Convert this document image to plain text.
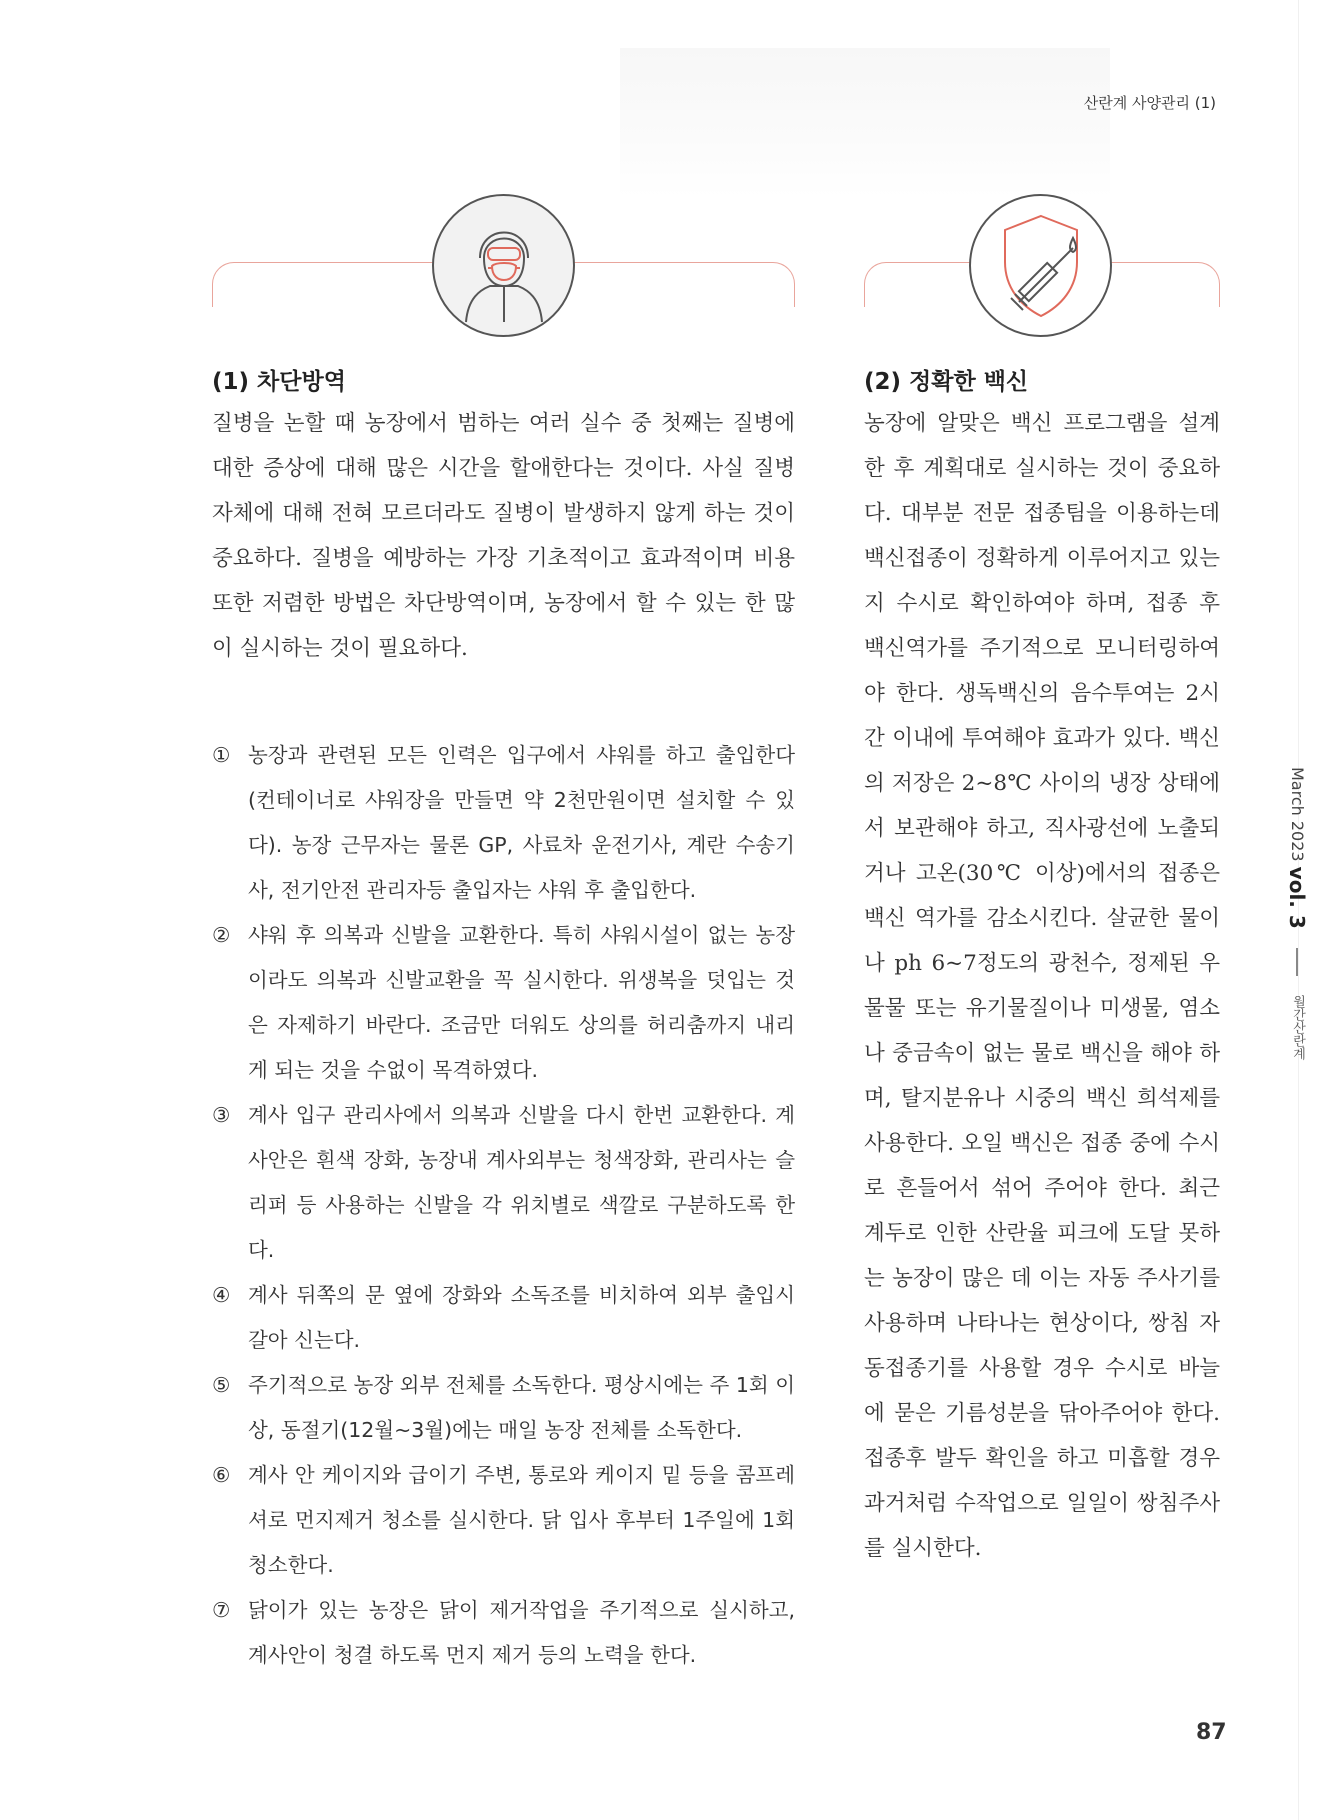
산란계 사양관리 (1)
(1) 차단방역

질병을 논할 때 농장에서 범하는 여러 실수 중 첫째는 질병에 대한 증상에 대해 많은 시간을 할애한다는 것이다. 사실 질병 자체에 대해 전혀 모르더라도 질병이 발생하지 않게 하는 것이 중요하다. 질병을 예방하는 가장 기초적이고 효과적이며 비용 또한 저렴한 방법은 차단방역이며, 농장에서 할 수 있는 한 많이 실시하는 것이 필요하다.

① 농장과 관련된 모든 인력은 입구에서 샤워를 하고 출입한다(컨테이너로 샤워장을 만들면 약 2천만원이면 설치할 수 있다). 농장 근무자는 물론 GP, 사료차 운전기사, 계란 수송기사, 전기안전 관리자등 출입자는 샤워 후 출입한다.
② 샤워 후 의복과 신발을 교환한다. 특히 샤워시설이 없는 농장이라도 의복과 신발교환을 꼭 실시한다. 위생복을 덧입는 것은 자제하기 바란다. 조금만 더워도 상의를 허리춤까지 내리게 되는 것을 수없이 목격하였다.
③ 계사 입구 관리사에서 의복과 신발을 다시 한번 교환한다. 계사안은 흰색 장화, 농장내 계사외부는 청색장화, 관리사는 슬리퍼 등 사용하는 신발을 각 위치별로 색깔로 구분하도록 한다.
④ 계사 뒤쪽의 문 옆에 장화와 소독조를 비치하여 외부 출입시 갈아 신는다.
⑤ 주기적으로 농장 외부 전체를 소독한다. 평상시에는 주 1회 이상, 동절기(12월~3월)에는 매일 농장 전체를 소독한다.
⑥ 계사 안 케이지와 급이기 주변, 통로와 케이지 밑 등을 콤프레셔로 먼지제거 청소를 실시한다. 닭 입사 후부터 1주일에 1회 청소한다.
⑦ 닭이가 있는 농장은 닭이 제거작업을 주기적으로 실시하고, 계사안이 청결 하도록 먼지 제거 등의 노력을 한다.
(2) 정확한 백신

농장에 알맞은 백신 프로그램을 설계한 후 계획대로 실시하는 것이 중요하다. 대부분 전문 접종팀을 이용하는데 백신접종이 정확하게 이루어지고 있는지 수시로 확인하여야 하며, 접종 후 백신역가를 주기적으로 모니터링하여야 한다. 생독백신의 음수투여는 2시간 이내에 투여해야 효과가 있다. 백신의 저장은 2~8℃ 사이의 냉장 상태에서 보관해야 하고, 직사광선에 노출되거나 고온(30℃ 이상)에서의 접종은 백신 역가를 감소시킨다. 살균한 물이나 ph 6~7정도의 광천수, 정제된 우물물 또는 유기물질이나 미생물, 염소나 중금속이 없는 물로 백신을 해야 하며, 탈지분유나 시중의 백신 희석제를 사용한다. 오일 백신은 접종 중에 수시로 흔들어서 섞어 주어야 한다. 최근 계두로 인한 산란율 피크에 도달 못하는 농장이 많은 데 이는 자동 주사기를 사용하며 나타나는 현상이다, 쌍침 자동접종기를 사용할 경우 수시로 바늘에 묻은 기름성분을 닦아주어야 한다. 접종후 발두 확인을 하고 미흡할 경우 과거처럼 수작업으로 일일이 쌍침주사를 실시한다.

March 2023 vol. 3  월간산란계
87
